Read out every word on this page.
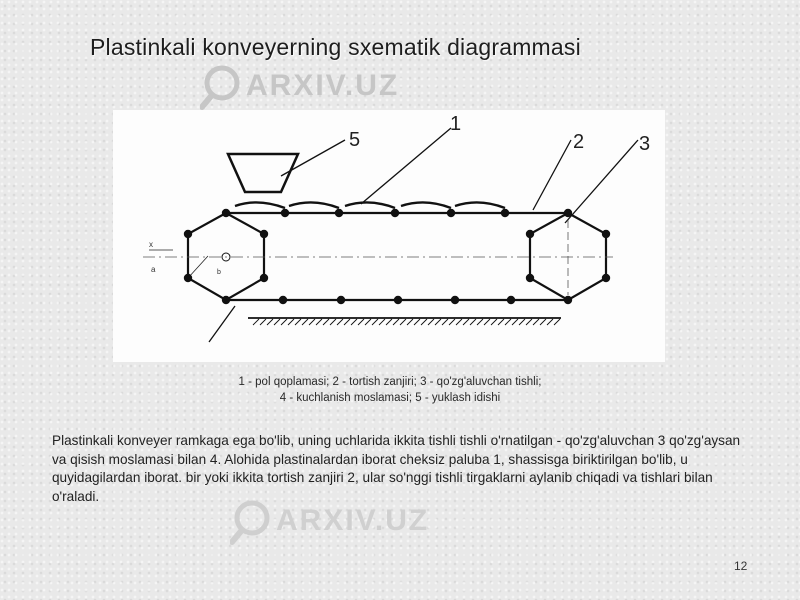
Plastinkali konveyerning sxematik diagrammasi
ARXIV.UZ
ARXIV.UZ
5
1
2	3
x
a	b
1 - pol qoplamasi; 2 - tortish zanjiri; 3 - qo'zg'aluvchan tishli;
4 - kuchlanish moslamasi; 5 - yuklash idishi
Plastinkali konveyer ramkaga ega bo'lib, uning uchlarida ikkita tishli tishli o'rnatilgan - qo'zg'aluvchan 3 qo'zg'aysan va qisish moslamasi bilan 4. Alohida plastinalardan iborat cheksiz paluba 1, shassisga biriktirilgan bo'lib, u quyidagilardan iborat. bir yoki ikkita tortish zanjiri 2, ular so'nggi tishli tirgaklarni aylanib chiqadi va tishlari bilan o'raladi.
12
